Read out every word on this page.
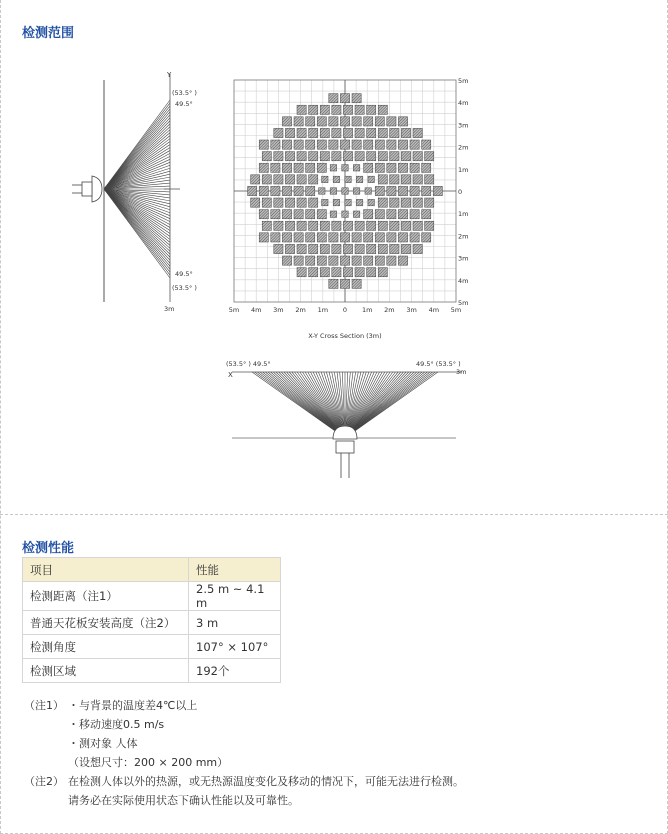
检测范围
Y
(53.5° )
49.5°
49.5°
(53.5° )
3m
5m
4m
3m
2m
1m
0
1m
2m
3m
4m
5m
5m 4m 3m 2m 1m 0 1m 2m 3m 4m 5m
X-Y Cross Section (3m)
(53.5° ) 49.5°	49.5° (53.5° )
X	3m
检测性能
项目	性能
检测距离（注1）	2.5 m ~ 4.1 m
普通天花板安装高度（注2）	3 m
检测角度	107° × 107°
检测区域	192个
（注1） ・与背景的温度差4℃以上
・移动速度0.5 m/s
・测对象 人体
（设想尺寸：200 × 200 mm）
（注2） 在检测人体以外的热源，或无热源温度变化及移动的情况下，可能无法进行检测。
请务必在实际使用状态下确认性能以及可靠性。
